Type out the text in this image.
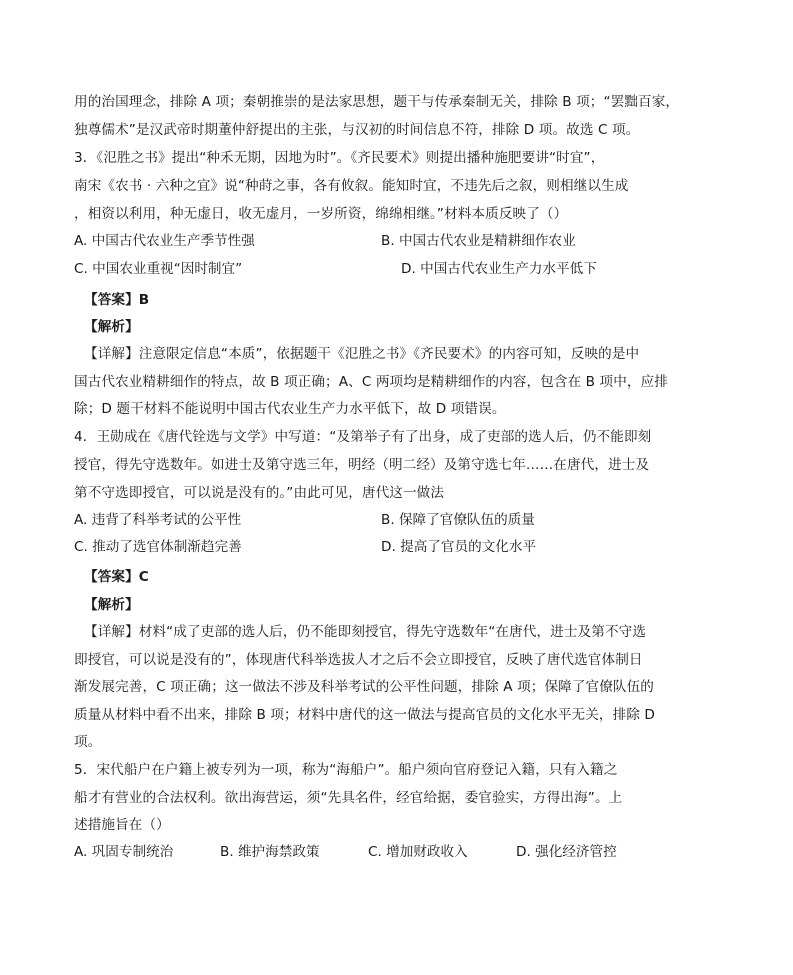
用的治国理念，排除 A 项；秦朝推崇的是法家思想，题干与传承秦制无关，排除 B 项；“罢黜百家，
独尊儒术”是汉武帝时期董仲舒提出的主张，与汉初的时间信息不符，排除 D 项。故选 C 项。
3．《氾胜之书》提出“种禾无期，因地为时”。《齐民要术》则提出播种施肥要讲“时宜”，
南宋《农书 · 六种之宜》说“种莳之事，各有攸叙。能知时宜，不违先后之叙，则相继以生成
，相资以利用，种无虚日，收无虚月，一岁所资，绵绵相继。”材料本质反映了（）
A. 中国古代农业生产季节性强	B. 中国古代农业是精耕细作农业
C. 中国农业重视“因时制宜”	D. 中国古代农业生产力水平低下
【答案】B
【解析】
【详解】注意限定信息“本质”，依据题干《氾胜之书》《齐民要术》的内容可知，反映的是中
国古代农业精耕细作的特点，故 B 项正确；A、C 两项均是精耕细作的内容，包含在 B 项中，应排
除；D 题干材料不能说明中国古代农业生产力水平低下，故 D 项错误。
4．王勋成在《唐代铨选与文学》中写道：“及第举子有了出身，成了吏部的选人后，仍不能即刻
授官，得先守选数年。如进士及第守选三年，明经（明二经）及第守选七年……在唐代，进士及
第不守选即授官，可以说是没有的。”由此可见，唐代这一做法
A. 违背了科举考试的公平性	B. 保障了官僚队伍的质量
C. 推动了选官体制渐趋完善	D. 提高了官员的文化水平
【答案】C
【解析】
【详解】材料“成了吏部的选人后，仍不能即刻授官，得先守选数年“在唐代，进士及第不守选
即授官，可以说是没有的”，体现唐代科举选拔人才之后不会立即授官，反映了唐代选官体制日
渐发展完善，C 项正确；这一做法不涉及科举考试的公平性问题，排除 A 项；保障了官僚队伍的
质量从材料中看不出来，排除 B 项；材料中唐代的这一做法与提高官员的文化水平无关，排除 D
项。
5．宋代船户在户籍上被专列为一项，称为“海船户”。船户须向官府登记入籍，只有入籍之
船才有营业的合法权利。欲出海营运，须“先具名件，经官给据，委官验实，方得出海”。上
述措施旨在（）
A. 巩固专制统治	B. 维护海禁政策	C. 增加财政收入	D. 强化经济管控
